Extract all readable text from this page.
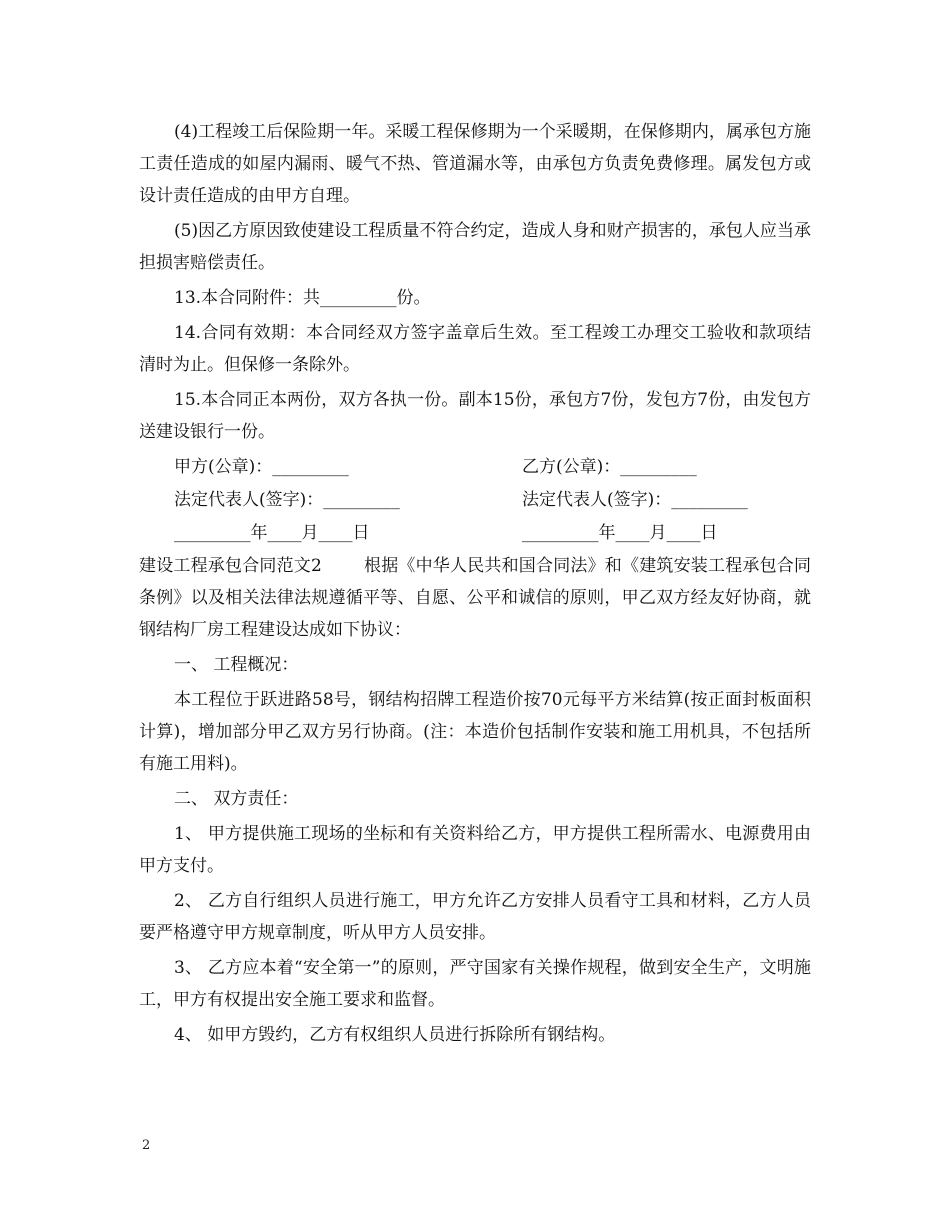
(4)工程竣工后保险期一年。采暖工程保修期为一个采暖期，在保修期内，属承包方施工责任造成的如屋内漏雨、暖气不热、管道漏水等，由承包方负责免费修理。属发包方或设计责任造成的由甲方自理。

(5)因乙方原因致使建设工程质量不符合约定，造成人身和财产损害的，承包人应当承担损害赔偿责任。

13.本合同附件：共_________份。

14.合同有效期：本合同经双方签字盖章后生效。至工程竣工办理交工验收和款项结清时为止。但保修一条除外。

15.本合同正本两份，双方各执一份。副本15份，承包方7份，发包方7份，由发包方送建设银行一份。

甲方(公章)：_________	乙方(公章)：_________
法定代表人(签字)：_________	法定代表人(签字)：_________
_________年____月____日	_________年____月____日

建设工程承包合同范文2 根据《中华人民共和国合同法》和《建筑安装工程承包合同条例》以及相关法律法规遵循平等、自愿、公平和诚信的原则，甲乙双方经友好协商，就钢结构厂房工程建设达成如下协议：

一、 工程概况：

本工程位于跃进路58号，钢结构招牌工程造价按70元每平方米结算(按正面封板面积计算)，增加部分甲乙双方另行协商。(注：本造价包括制作安装和施工用机具，不包括所有施工用料)。

二、 双方责任：

1、 甲方提供施工现场的坐标和有关资料给乙方，甲方提供工程所需水、电源费用由甲方支付。

2、 乙方自行组织人员进行施工，甲方允许乙方安排人员看守工具和材料，乙方人员要严格遵守甲方规章制度，听从甲方人员安排。

3、 乙方应本着“安全第一”的原则，严守国家有关操作规程，做到安全生产，文明施工，甲方有权提出安全施工要求和监督。

4、 如甲方毁约，乙方有权组织人员进行拆除所有钢结构。

2
